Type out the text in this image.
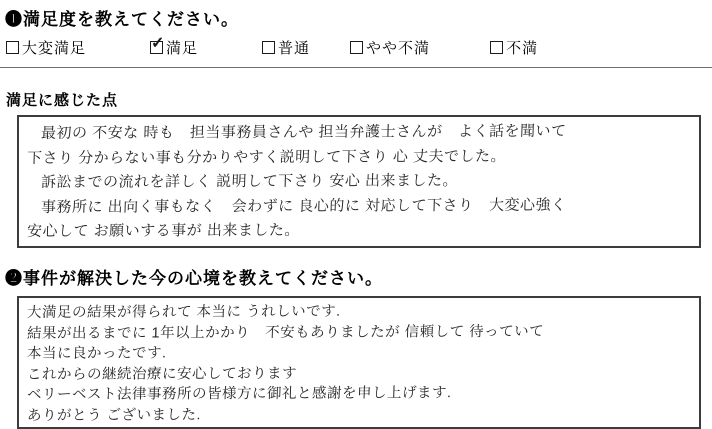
❶満足度を教えてください。
大変満足	✓ 満足	普通	やや不満	不満
満足に感じた点
最初の 不安な 時も　担当事務員さんや 担当弁護士さんが　よく話を聞いて
下さり 分からない事も分かりやすく説明して下さり 心 丈夫でした。
訴訟までの流れを詳しく 説明して下さり 安心 出来ました。
事務所に 出向く事もなく　会わずに 良心的に 対応して下さり　大変心強く
安心して お願いする事が 出来ました。
❷事件が解決した今の心境を教えてください。
大満足の結果が得られて 本当に うれしいです.
結果が出るまでに 1年以上かかり　不安もありましたが 信頼して 待っていて
本当に良かったです.
これからの継続治療に安心しております
ベリーベスト法律事務所の皆様方に御礼と感謝を申し上げます.
ありがとう ございました.
